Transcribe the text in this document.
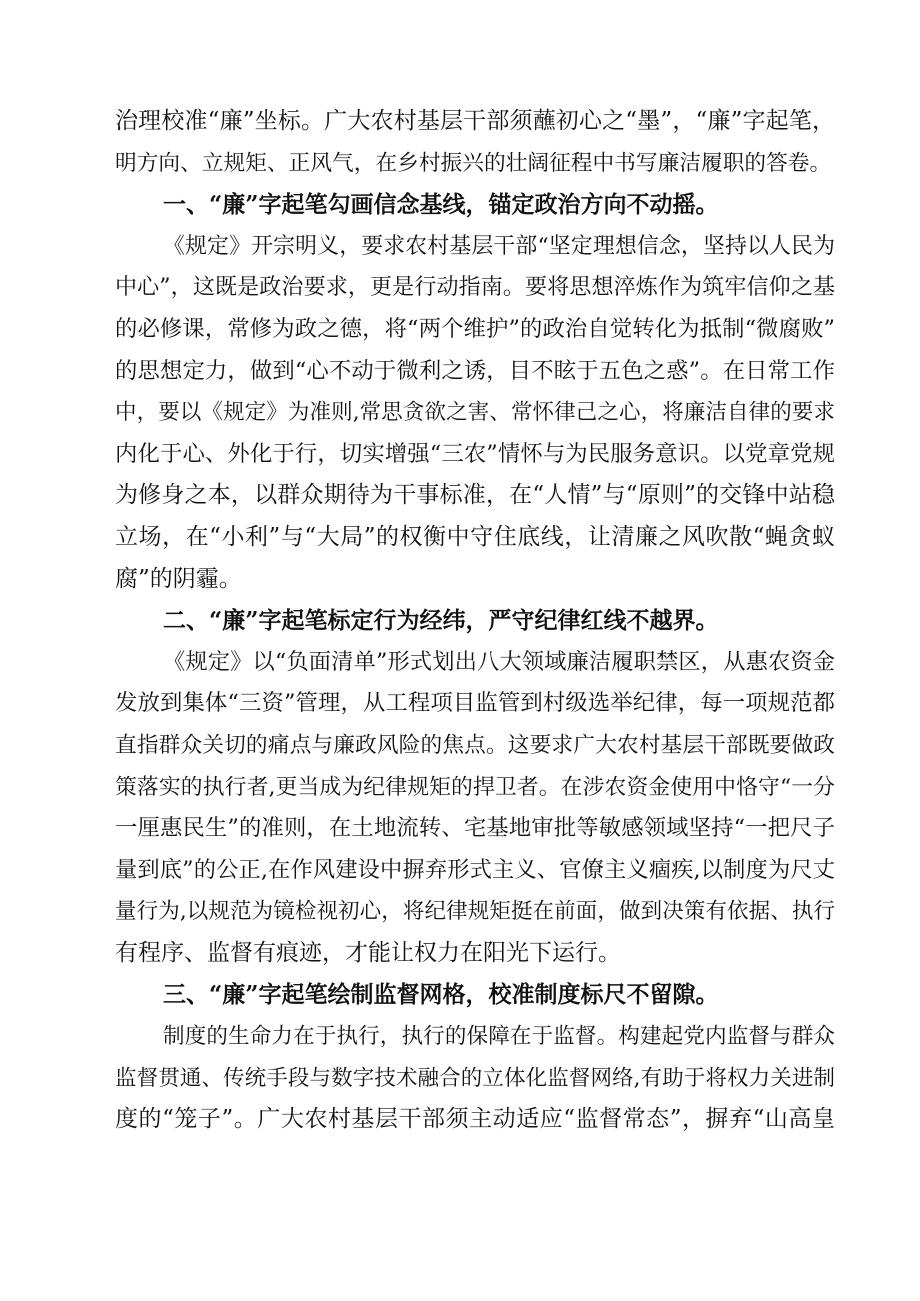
治理校准“廉”坐标。广大农村基层干部须蘸初心之“墨”，“廉”字起笔，
明方向、立规矩、正风气，在乡村振兴的壮阔征程中书写廉洁履职的答卷。
一、“廉”字起笔勾画信念基线，锚定政治方向不动摇。
《规定》开宗明义，要求农村基层干部“坚定理想信念，坚持以人民为
中心”，这既是政治要求，更是行动指南。要将思想淬炼作为筑牢信仰之基
的必修课，常修为政之德，将“两个维护”的政治自觉转化为抵制“微腐败”
的思想定力，做到“心不动于微利之诱，目不眩于五色之惑”。在日常工作
中，要以《规定》为准则,常思贪欲之害、常怀律己之心，将廉洁自律的要求
内化于心、外化于行，切实增强“三农”情怀与为民服务意识。以党章党规
为修身之本，以群众期待为干事标准，在“人情”与“原则”的交锋中站稳
立场，在“小利”与“大局”的权衡中守住底线，让清廉之风吹散“蝇贪蚁
腐”的阴霾。
二、“廉”字起笔标定行为经纬，严守纪律红线不越界。
《规定》以“负面清单”形式划出八大领域廉洁履职禁区，从惠农资金
发放到集体“三资”管理，从工程项目监管到村级选举纪律，每一项规范都
直指群众关切的痛点与廉政风险的焦点。这要求广大农村基层干部既要做政
策落实的执行者,更当成为纪律规矩的捍卫者。在涉农资金使用中恪守“一分
一厘惠民生”的准则，在土地流转、宅基地审批等敏感领域坚持“一把尺子
量到底”的公正,在作风建设中摒弃形式主义、官僚主义痼疾,以制度为尺丈
量行为,以规范为镜检视初心，将纪律规矩挺在前面，做到决策有依据、执行
有程序、监督有痕迹，才能让权力在阳光下运行。
三、“廉”字起笔绘制监督网格，校准制度标尺不留隙。
制度的生命力在于执行，执行的保障在于监督。构建起党内监督与群众
监督贯通、传统手段与数字技术融合的立体化监督网络,有助于将权力关进制
度的“笼子”。广大农村基层干部须主动适应“监督常态”，摒弃“山高皇
